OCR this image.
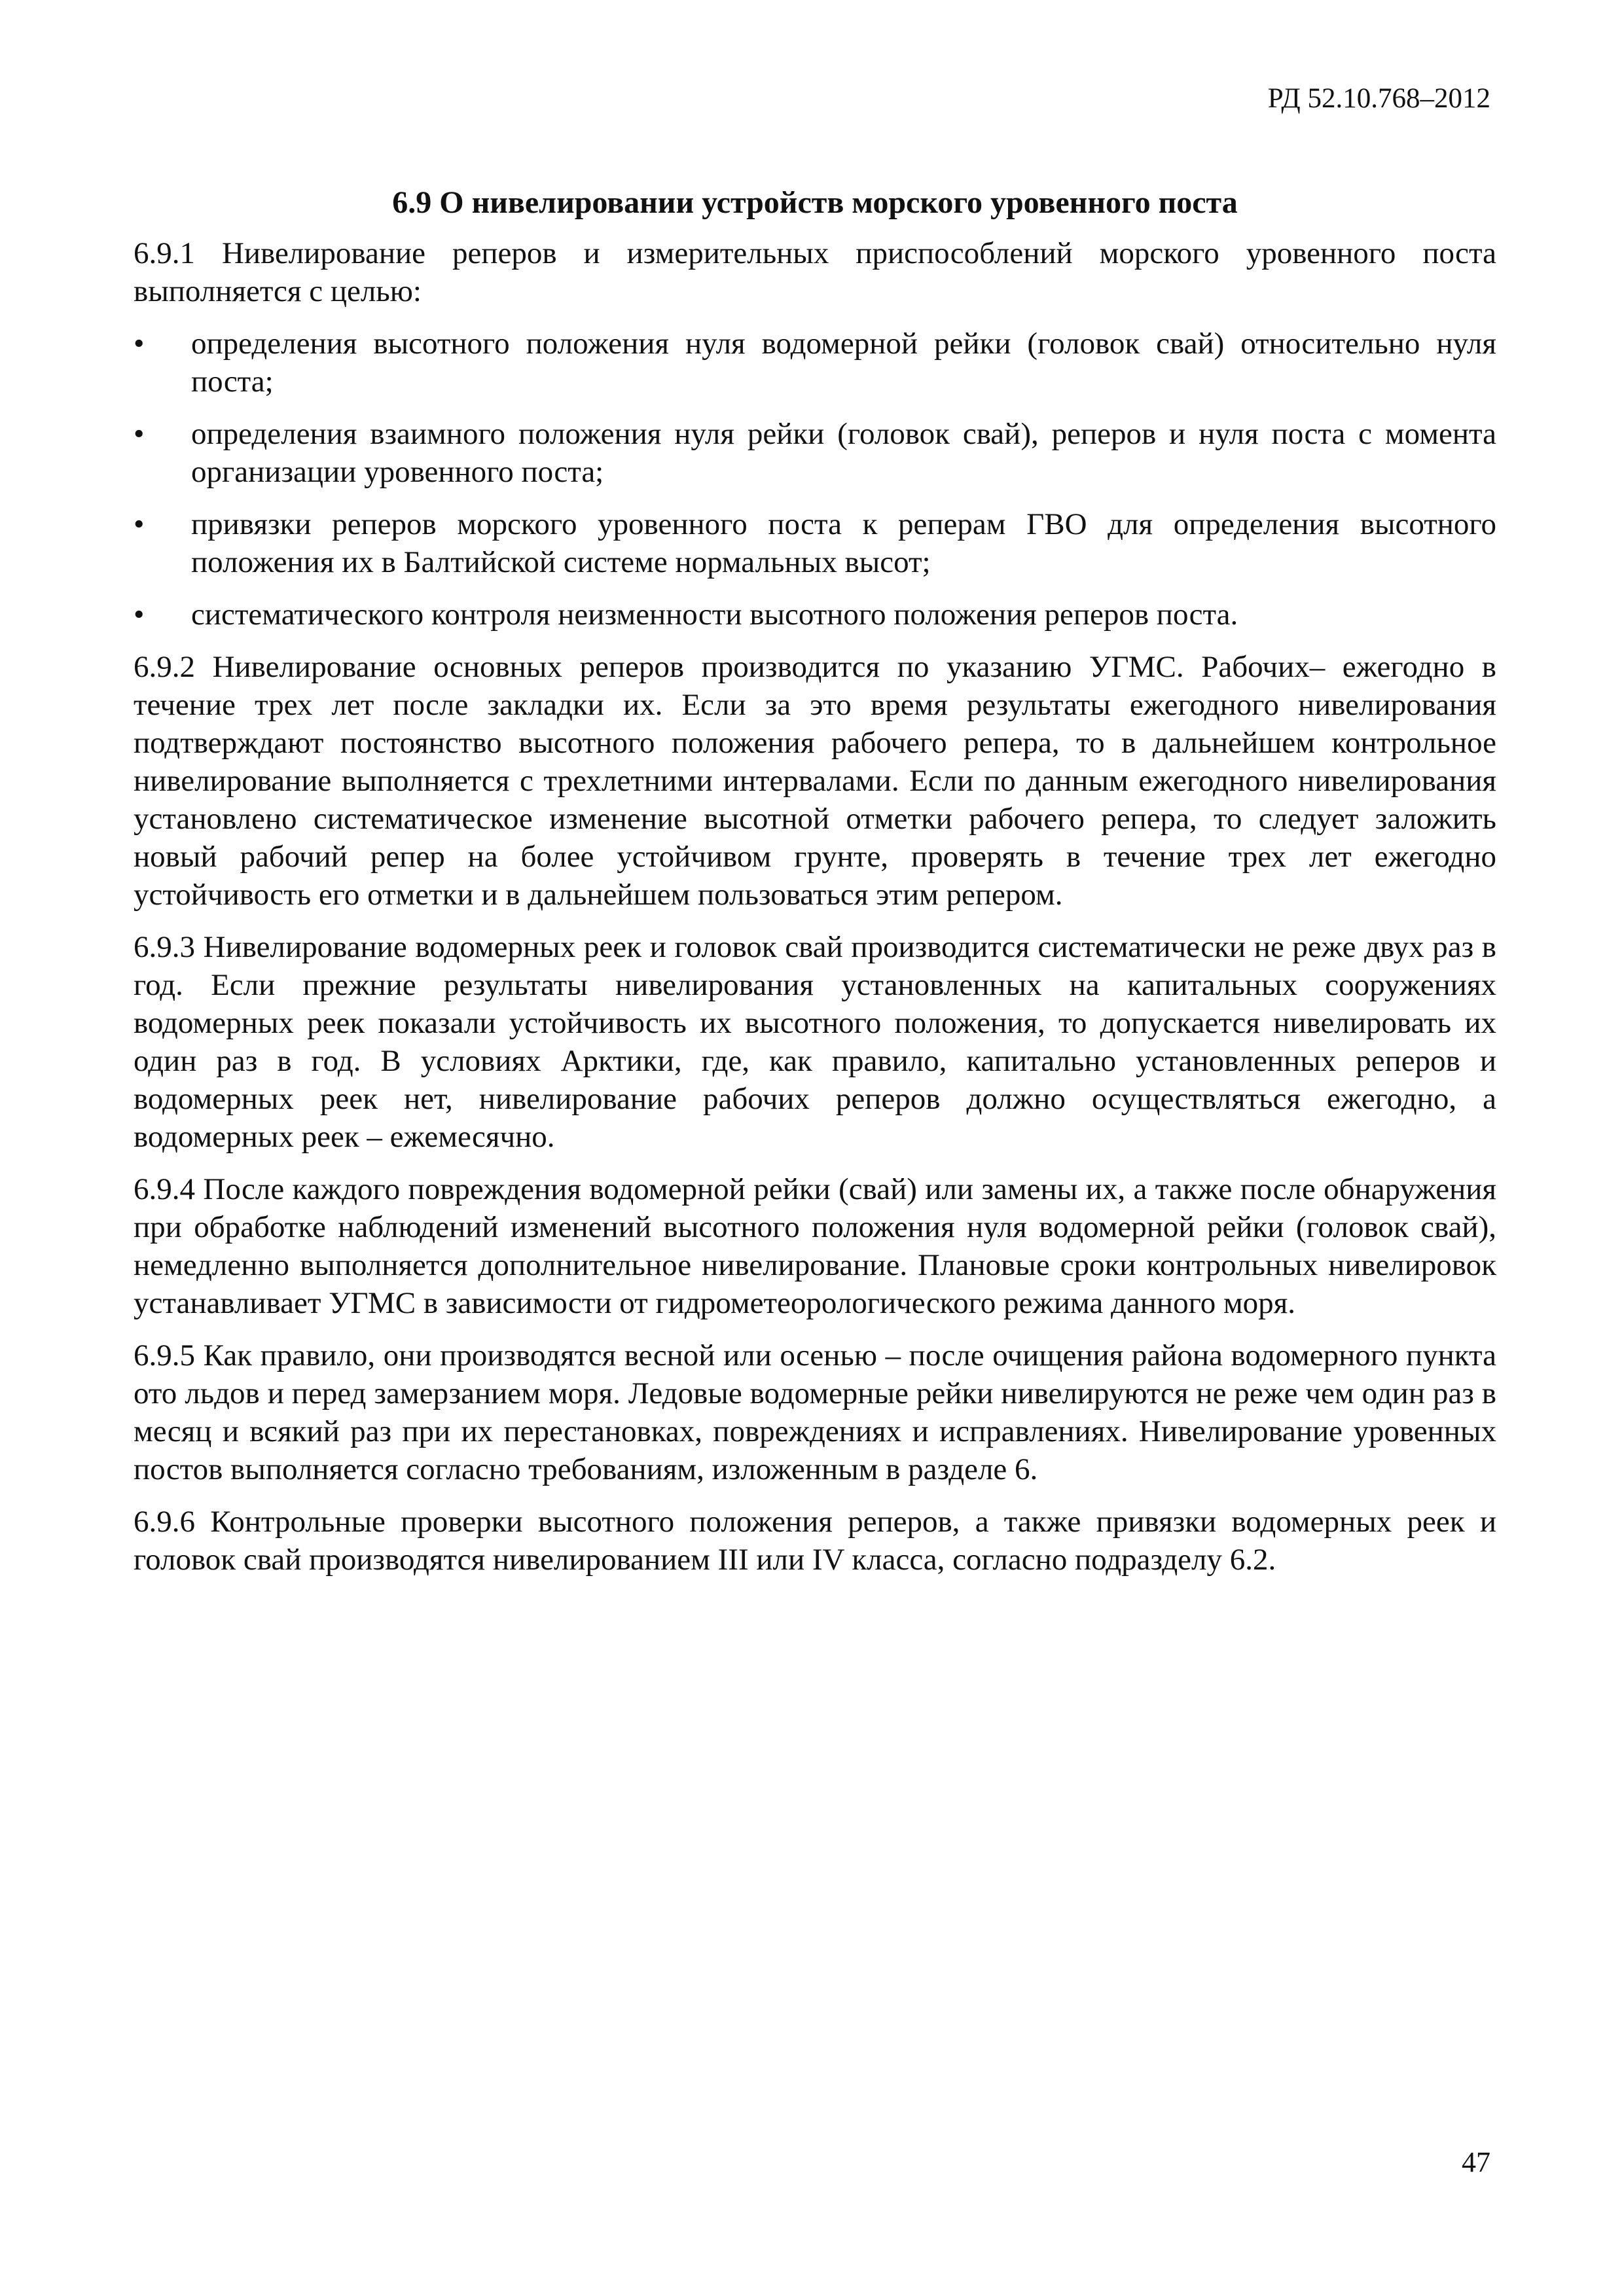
РД 52.10.768–2012
6.9 О нивелировании устройств морского уровенного поста

6.9.1 Нивелирование реперов и измерительных приспособлений морского уровенного поста выполняется с целью:

•	определения высотного положения нуля водомерной рейки (головок свай) относительно нуля поста;
•	определения взаимного положения нуля рейки (головок свай), реперов и нуля поста с момента организации уровенного поста;
•	привязки реперов морского уровенного поста к реперам ГВО для определения высотного положения их в Балтийской системе нормальных высот;
•	систематического контроля неизменности высотного положения реперов поста.

6.9.2 Нивелирование основных реперов производится по указанию УГМС. Рабочих– ежегодно в течение трех лет после закладки их. Если за это время результаты ежегодного нивелирования подтверждают постоянство высотного положения рабочего репера, то в дальнейшем контрольное нивелирование выполняется с трехлетними интервалами. Если по данным ежегодного нивелирования установлено систематическое изменение высотной отметки рабочего репера, то следует заложить новый рабочий репер на более устойчивом грунте, проверять в течение трех лет ежегодно устойчивость его отметки и в дальнейшем пользоваться этим репером.

6.9.3 Нивелирование водомерных реек и головок свай производится систематически не реже двух раз в год. Если прежние результаты нивелирования установленных на капитальных сооружениях водомерных реек показали устойчивость их высотного положения, то допускается нивелировать их один раз в год. В условиях Арктики, где, как правило, капитально установленных реперов и водомерных реек нет, нивелирование рабочих реперов должно осуществляться ежегодно, а водомерных реек – ежемесячно.

6.9.4 После каждого повреждения водомерной рейки (свай) или замены их, а также после обнаружения при обработке наблюдений изменений высотного положения нуля водомерной рейки (головок свай), немедленно выполняется дополнительное нивелирование. Плановые сроки контрольных нивелировок устанавливает УГМС в зависимости от гидрометеорологического режима данного моря.

6.9.5 Как правило, они производятся весной или осенью – после очищения района водомерного пункта ото льдов и перед замерзанием моря. Ледовые водомерные рейки нивелируются не реже чем один раз в месяц и всякий раз при их перестановках, повреждениях и исправлениях. Нивелирование уровенных постов выполняется согласно требованиям, изложенным в разделе 6.

6.9.6 Контрольные проверки высотного положения реперов, а также привязки водомерных реек и головок свай производятся нивелированием III или IV класса, согласно подразделу 6.2.

47
